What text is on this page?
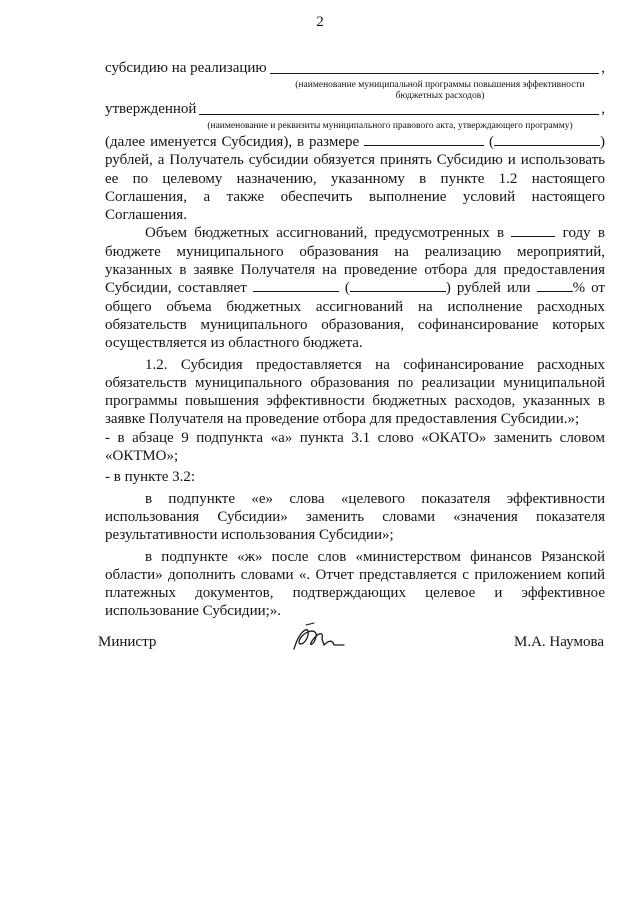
2
субсидию на реализацию	,
(наименование муниципальной программы повышения эффективности
бюджетных расходов)
утвержденной	,
(наименование и реквизиты муниципального правового акта, утверждающего программу)

(далее именуется Субсидия), в размере	(	) рублей, а Получатель субсидии обязуется принять Субсидию и использовать ее по целевому назначению, указанному в пункте 1.2 настоящего Соглашения, а также обеспечить выполнение условий настоящего Соглашения.

Объем бюджетных ассигнований, предусмотренных в	году в бюджете муниципального образования на реализацию мероприятий, указанных в заявке Получателя на проведение отбора для предоставления Субсидии, составляет	(	) рублей или	% от общего объема бюджетных ассигнований на исполнение расходных обязательств муниципального образования, софинансирование которых осуществляется из областного бюджета.

1.2. Субсидия предоставляется на софинансирование расходных обязательств муниципального образования по реализации муниципальной программы повышения эффективности бюджетных расходов, указанных в заявке Получателя на проведение отбора для предоставления Субсидии.»;

- в абзаце 9 подпункта «а» пункта 3.1 слово «ОКАТО» заменить словом «ОКТМО»;

- в пункте 3.2:

в подпункте «е» слова «целевого показателя эффективности использования Субсидии» заменить словами «значения показателя результативности использования Субсидии»;

в подпункте «ж» после слов «министерством финансов Рязанской области» дополнить словами «. Отчет представляется с приложением копий платежных документов, подтверждающих целевое и эффективное использование Субсидии;».

Министр	М.А. Наумова
